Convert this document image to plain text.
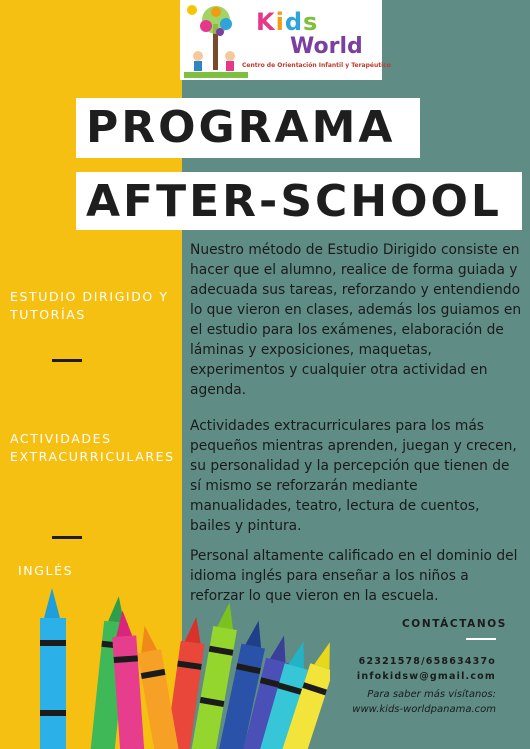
Kids
World
Centro de Orientación Infantil y Terapéutico
PROGRAMA
AFTER-SCHOOL
ESTUDIO DIRIGIDO Y
TUTORÍAS
ACTIVIDADES
EXTRACURRICULARES
INGLÉS
Nuestro método de Estudio Dirigido consiste en hacer que el alumno, realice de forma guiada y adecuada sus tareas, reforzando y entendiendo lo que vieron en clases, además los guiamos en el estudio para los exámenes, elaboración de láminas y exposiciones, maquetas, experimentos y cualquier otra actividad en agenda.
Actividades extracurriculares para los más pequeños mientras aprenden, juegan y crecen, su personalidad y la percepción que tienen de sí mismo se reforzarán mediante manualidades, teatro, lectura de cuentos, bailes y pintura.
Personal altamente calificado en el dominio del idioma inglés para enseñar a los niños a reforzar lo que vieron en la escuela.
CONTÁCTANOS
62321578/65863437o
infokidsw@gmail.com
Para saber más visítanos:
www.kids-worldpanama.com
